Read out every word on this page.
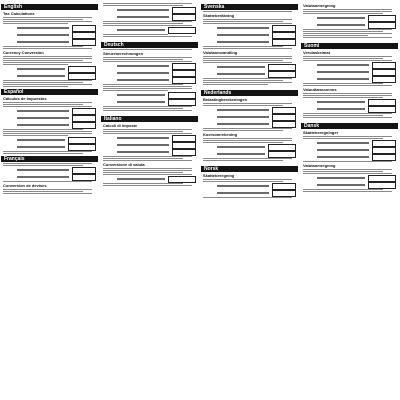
English
Tax Calculations
Currency Conversion
Español
Cálculos de Impuestos
Français
Conversion de devises
Deutsch
Steuerberechnungen
Italiano
Calcoli di imposte
Conversione di valuta
Svenska
Skatteberäkning
Valutaomvandling
Nederlands
Belastingberekeningen
Koersomrekening
Norsk
Skatteberegning
Valutaomregning
Suomi
Verolaskelmat
Valuuttamuunnos
Dansk
Skatteberegninger
Valutaomregning
